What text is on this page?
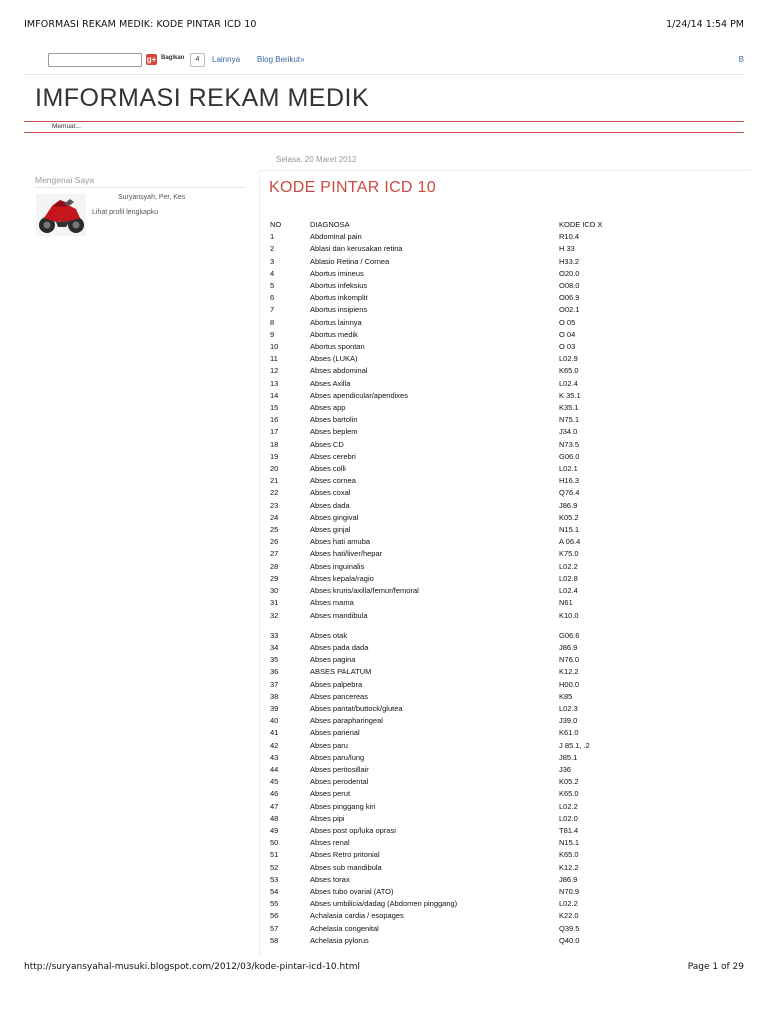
IMFORMASI REKAM MEDIK: KODE PINTAR ICD 10	1/24/14 1:54 PM
g+ Bagikan	4	Lainnya Blog Berikut»	B
IMFORMASI REKAM MEDIK
Memuat...
Mengenai Saya
Suryansyah, Per, Kes
Lihat profil lengkapku
Selasa, 20 Maret 2012
KODE PINTAR ICD 10
NO	DIAGNOSA	KODE ICD X
1	Abdominal pain	R10.4
2	Ablasi dan kerusakan retina	H 33
3	Ablasio Retina / Cornea	H33.2
4	Abortus imineus	O20.0
5	Abortus infeksius	O08.0
6	Abortus inkomplit	O06.9
7	Abortus insipiens	O02.1
8	Abortus lainnya	O 05
9	Abortus medik	O 04
10	Abortus spontan	O 03
11	Abses (LUKA)	L02.9
12	Abses abdominal	K65.0
13	Abses Axilla	L02.4
14	Abses apendicular/apendixes	K 35.1
15	Abses app	K35.1
16	Abses bartolin	N75.1
17	Abses beplem	J34.0
18	Abses CD	N73.5
19	Abses cerebri	G06.0
20	Abses colli	L02.1
21	Abses cornea	H16.3
22	Abses coxal	Q76.4
23	Abses dada	J86.9
24	Abses gingival	K05.2
25	Abses ginjal	N15.1
26	Abses hati amuba	A 06.4
27	Abses hati/liver/hepar	K75.0
28	Abses inguinalis	L02.2
29	Abses kepala/ragio	L02.8
30	Abses kruris/axilla/femur/femoral	L02.4
31	Abses mama	N61
32	Abses mandibula	K10.0

33	Abses otak	G06.6
34	Abses pada dada	J86.9
35	Abses pagina	N76.0
36	ABSES PALATUM	K12.2
37	Abses palpebra	H00.0
38	Abses pancereas	K85
39	Abses pantat/buttock/glutea	L02.3
40	Abses parapharingeal	J39.0
41	Abses parienal	K61.0
42	Abses paru	J 85.1, .2
43	Abses paru/lung	J85.1
44	Abses peritosillair	J36
45	Abses perodental	K05.2
46	Abses perut	K65.0
47	Abses pinggang kiri	L02.2
48	Abses pipi	L02.0
49	Abses post op/luka oprasi	T81.4
50	Abses renal	N15.1
51	Abses Retro pritonial	K65.0
52	Abses sub mandibula	K12.2
53	Abses torax	J86.9
54	Abses tubo ovarial (ATO)	N70.9
55	Abses umbilicia/dadag (Abdomen pinggang)	L02.2
56	Achalasia cardia / esopages	K22.0
57	Achelasia congenital	Q39.5
58	Achelasia pylorus	Q40.0
http://suryansyahal-musuki.blogspot.com/2012/03/kode-pintar-icd-10.html	Page 1 of 29
